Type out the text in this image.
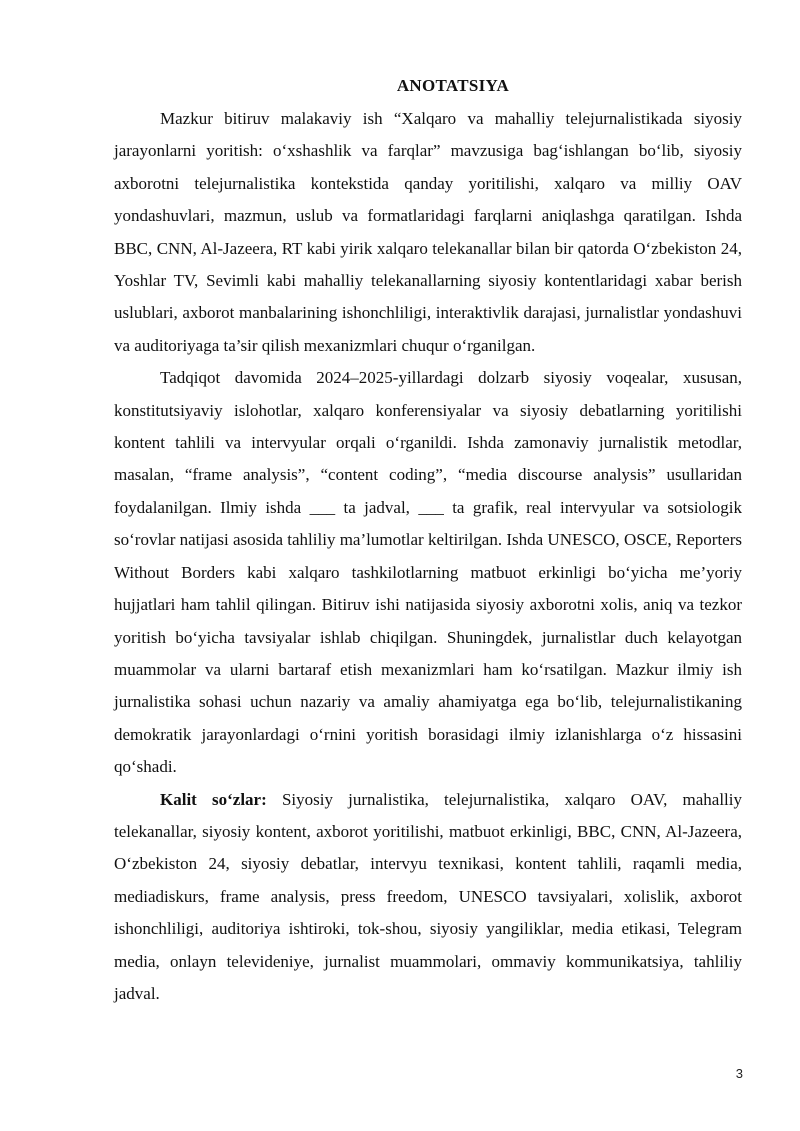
ANOTATSIYA

Mazkur bitiruv malakaviy ish “Xalqaro va mahalliy telejurnalistikada siyosiy jarayonlarni yoritish: oʻxshashlik va farqlar” mavzusiga bagʻishlangan boʻlib, siyosiy axborotni telejurnalistika kontekstida qanday yoritilishi, xalqaro va milliy OAV yondashuvlari, mazmun, uslub va formatlaridagi farqlarni aniqlashga qaratilgan. Ishda BBC, CNN, Al-Jazeera, RT kabi yirik xalqaro telekanallar bilan bir qatorda Oʻzbekiston 24, Yoshlar TV, Sevimli kabi mahalliy telekanallarning siyosiy kontentlaridagi xabar berish uslublari, axborot manbalarining ishonchliligi, interaktivlik darajasi, jurnalistlar yondashuvi va auditoriyaga ta’sir qilish mexanizmlari chuqur oʻrganilgan.

Tadqiqot davomida 2024–2025-yillardagi dolzarb siyosiy voqealar, xususan, konstitutsiyaviy islohotlar, xalqaro konferensiyalar va siyosiy debatlarning yoritilishi kontent tahlili va intervyular orqali oʻrganildi. Ishda zamonaviy jurnalistik metodlar, masalan, “frame analysis”, “content coding”, “media discourse analysis” usullaridan foydalanilgan. Ilmiy ishda ___ ta jadval, ___ ta grafik, real intervyular va sotsiologik soʻrovlar natijasi asosida tahliliy ma’lumotlar keltirilgan. Ishda UNESCO, OSCE, Reporters Without Borders kabi xalqaro tashkilotlarning matbuot erkinligi boʻyicha me’yoriy hujjatlari ham tahlil qilingan. Bitiruv ishi natijasida siyosiy axborotni xolis, aniq va tezkor yoritish boʻyicha tavsiyalar ishlab chiqilgan. Shuningdek, jurnalistlar duch kelayotgan muammolar va ularni bartaraf etish mexanizmlari ham koʻrsatilgan. Mazkur ilmiy ish jurnalistika sohasi uchun nazariy va amaliy ahamiyatga ega boʻlib, telejurnalistikaning demokratik jarayonlardagi oʻrnini yoritish borasidagi ilmiy izlanishlarga oʻz hissasini qoʻshadi.

Kalit soʻzlar: Siyosiy jurnalistika, telejurnalistika, xalqaro OAV, mahalliy telekanallar, siyosiy kontent, axborot yoritilishi, matbuot erkinligi, BBC, CNN, Al-Jazeera, Oʻzbekiston 24, siyosiy debatlar, intervyu texnikasi, kontent tahlili, raqamli media, mediadiskurs, frame analysis, press freedom, UNESCO tavsiyalari, xolislik, axborot ishonchliligi, auditoriya ishtiroki, tok-shou, siyosiy yangiliklar, media etikasi, Telegram media, onlayn televideniye, jurnalist muammolari, ommaviy kommunikatsiya, tahliliy jadval.

3
